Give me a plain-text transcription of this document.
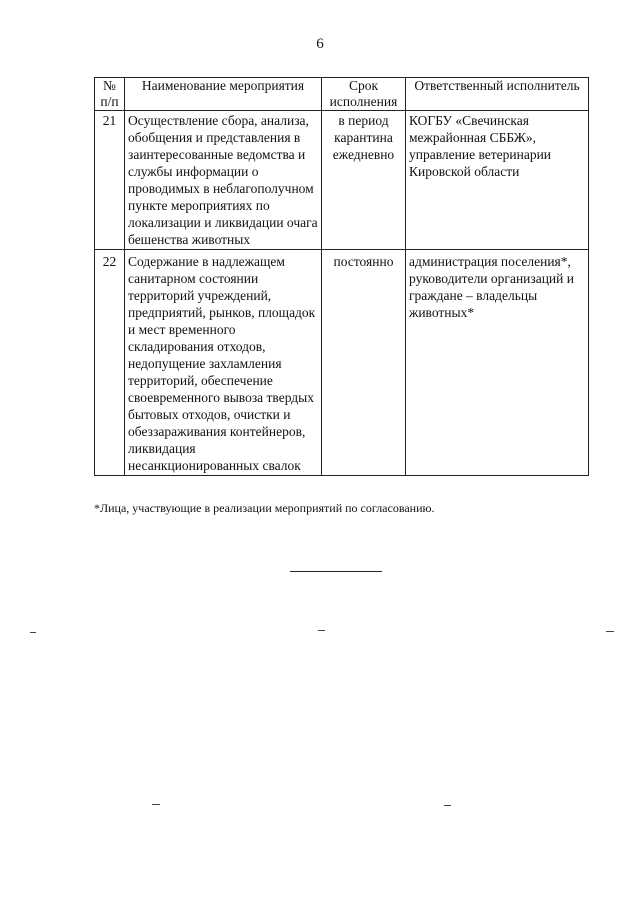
6
№ п/п	Наименование мероприятия	Срок исполнения	Ответственный исполнитель
21	Осуществление сбора, анализа, обобщения и представления в заинтересованные ведомства и службы информации о проводимых в неблагополучном пункте мероприятиях по локализации и ликвидации очага бешенства животных	в период карантина ежедневно	КОГБУ «Свечинская межрайонная СББЖ», управление ветеринарии Кировской области
22	Содержание в надлежащем санитарном состоянии территорий учреждений, предприятий, рынков, площадок и мест временного складирования отходов, недопущение захламления территорий, обеспечение своевременного вывоза твердых бытовых отходов, очистки и обеззараживания контейнеров, ликвидация несанкционированных свалок	постоянно	администрация поселения*, руководители организаций и граждане – владельцы животных*
*Лица, участвующие в реализации мероприятий по согласованию.
